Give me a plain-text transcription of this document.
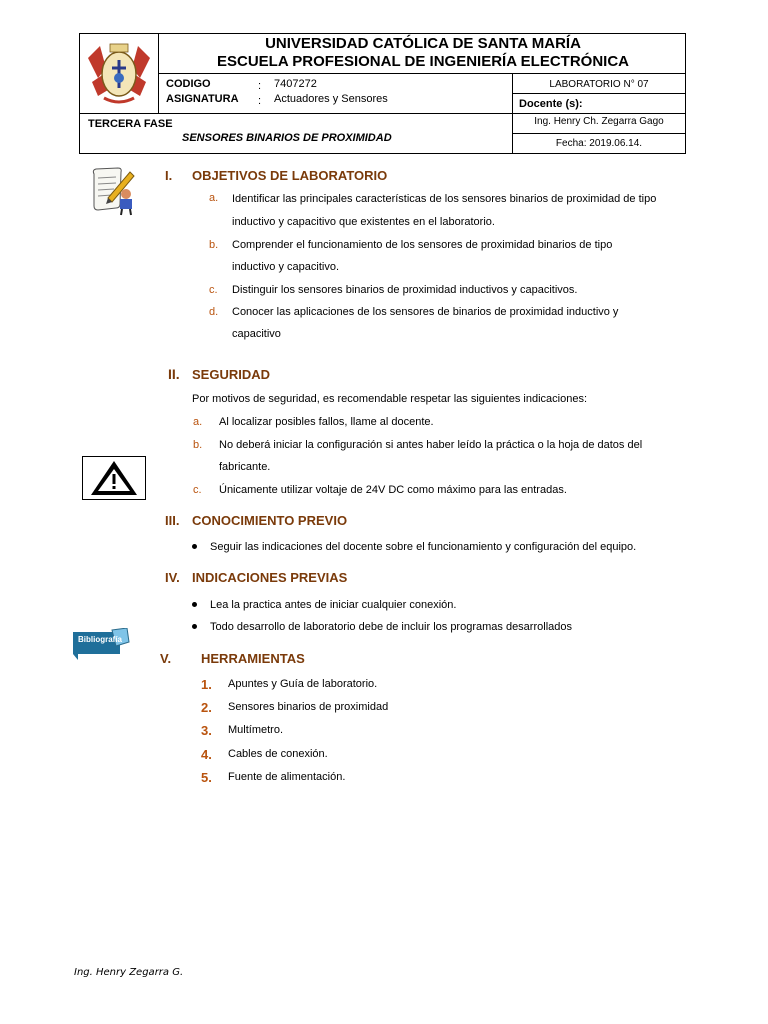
UNIVERSIDAD CATÓLICA DE SANTA MARÍA
ESCUELA PROFESIONAL DE INGENIERÍA ELECTRÓNICA
CODIGO	: 7407272
ASIGNATURA : Actuadores y Sensores
LABORATORIO N° 07
Docente (s):
Ing. Henry Ch. Zegarra Gago
TERCERA FASE
SENSORES BINARIOS DE PROXIMIDAD	Fecha: 2019.06.14.
Bibliografía
I. OBJETIVOS DE LABORATORIO
a. Identificar las principales características de los sensores binarios de proximidad de tipo
inductivo y capacitivo que existentes en el laboratorio.
b. Comprender el funcionamiento de los sensores de proximidad binarios de tipo
inductivo y capacitivo.
c. Distinguir los sensores binarios de proximidad inductivos y capacitivos.
d. Conocer las aplicaciones de los sensores de binarios de proximidad inductivo y
capacitivo
II. SEGURIDAD
Por motivos de seguridad, es recomendable respetar las siguientes indicaciones:
a. Al localizar posibles fallos, llame al docente.
b. No deberá iniciar la configuración si antes haber leído la práctica o la hoja de datos del
fabricante.
c. Únicamente utilizar voltaje de 24V DC como máximo para las entradas.
III. CONOCIMIENTO PREVIO
Seguir las indicaciones del docente sobre el funcionamiento y configuración del equipo.
IV. INDICACIONES PREVIAS
Lea la practica antes de iniciar cualquier conexión.
Todo desarrollo de laboratorio debe de incluir los programas desarrollados
V. HERRAMIENTAS
1. Apuntes y Guía de laboratorio.
2. Sensores binarios de proximidad
3. Multímetro.
4. Cables de conexión.
5. Fuente de alimentación.
Ing. Henry Zegarra G.
